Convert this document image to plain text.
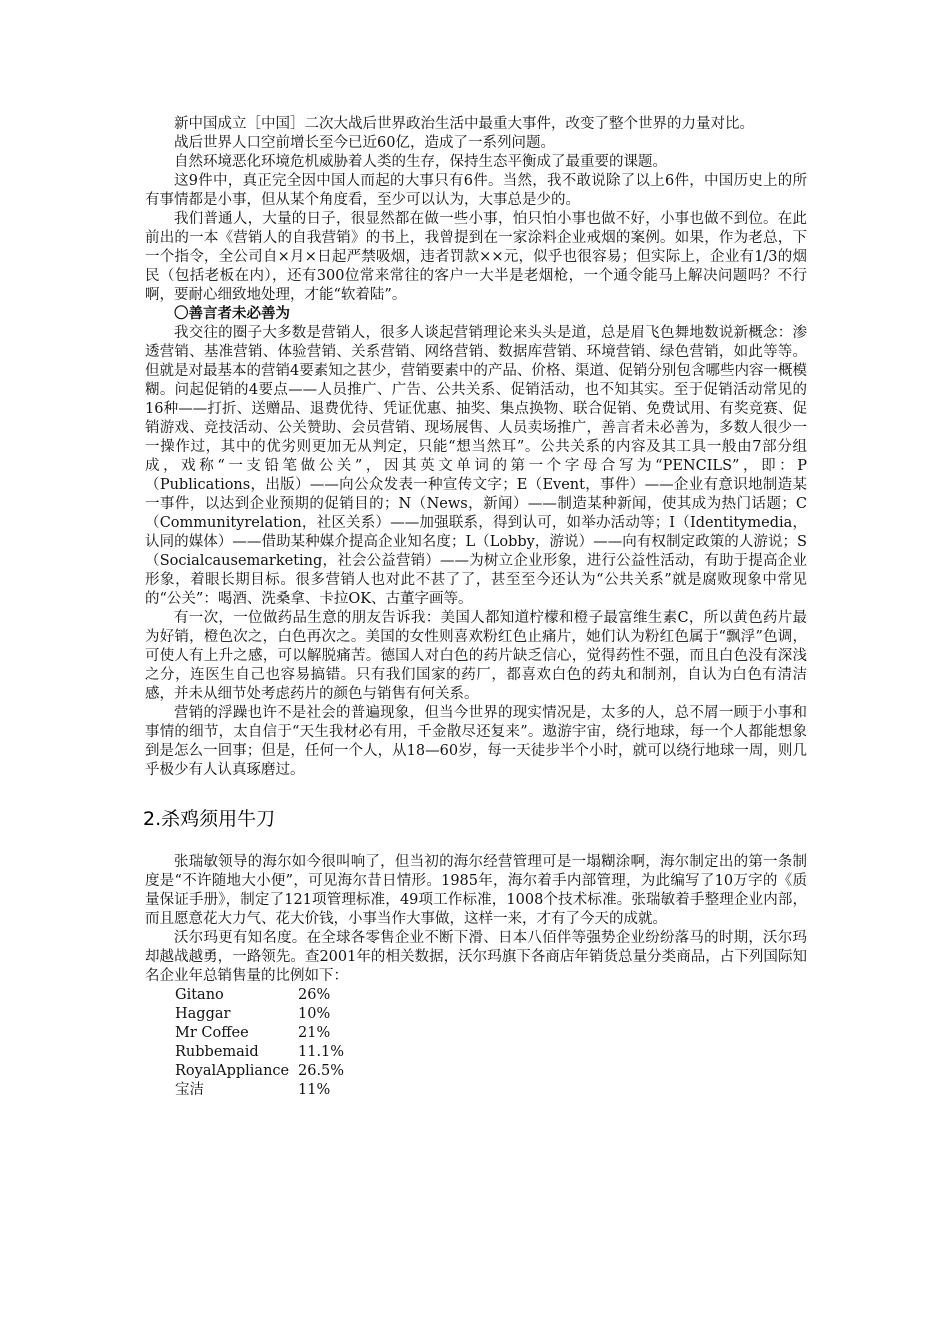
新中国成立［中国］二次大战后世界政治生活中最重大事件，改变了整个世界的力量对比。

战后世界人口空前增长至今已近60亿，造成了一系列问题。

自然环境恶化环境危机威胁着人类的生存，保持生态平衡成了最重要的课题。

这9件中，真正完全因中国人而起的大事只有6件。当然，我不敢说除了以上6件，中国历史上的所有事情都是小事，但从某个角度看，至少可以认为，大事总是少的。

我们普通人，大量的日子，很显然都在做一些小事，怕只怕小事也做不好，小事也做不到位。在此前出的一本《营销人的自我营销》的书上，我曾提到在一家涂料企业戒烟的案例。如果，作为老总，下一个指令，全公司自×月×日起严禁吸烟，违者罚款××元，似乎也很容易；但实际上，企业有1/3的烟民（包括老板在内），还有300位常来常往的客户一大半是老烟枪，一个通令能马上解决问题吗？不行啊，要耐心细致地处理，才能“软着陆”。

〇善言者未必善为

我交往的圈子大多数是营销人，很多人谈起营销理论来头头是道，总是眉飞色舞地数说新概念：渗透营销、基准营销、体验营销、关系营销、网络营销、数据库营销、环境营销、绿色营销，如此等等。但就是对最基本的营销4要素知之甚少，营销要素中的产品、价格、渠道、促销分别包含哪些内容一概模糊。问起促销的4要点——人员推广、广告、公共关系、促销活动，也不知其实。至于促销活动常见的16种——打折、送赠品、退费优待、凭证优惠、抽奖、集点换物、联合促销、免费试用、有奖竞赛、促销游戏、竞技活动、公关赞助、会员营销、现场展售、人员卖场推广，善言者未必善为，多数人很少一一操作过，其中的优劣则更加无从判定，只能“想当然耳”。公共关系的内容及其工具一般由7部分组成，戏称“一支铅笔做公关”，因其英文单词的第一个字母合写为“PENCILS”，即：P（Publications，出版）——向公众发表一种宣传文字；E（Event，事件）——企业有意识地制造某一事件，以达到企业预期的促销目的；N（News，新闻）——制造某种新闻，使其成为热门话题；C（Communityrelation，社区关系）——加强联系，得到认可，如举办活动等；I（Identitymedia，认同的媒体）——借助某种媒介提高企业知名度；L（Lobby，游说）——向有权制定政策的人游说；S（Socialcausemarketing，社会公益营销）——为树立企业形象，进行公益性活动，有助于提高企业形象，着眼长期目标。很多营销人也对此不甚了了，甚至至今还认为“公共关系”就是腐败现象中常见的“公关”：喝酒、洗桑拿、卡拉OK、古董字画等。

有一次，一位做药品生意的朋友告诉我：美国人都知道柠檬和橙子最富维生素C，所以黄色药片最为好销，橙色次之，白色再次之。美国的女性则喜欢粉红色止痛片，她们认为粉红色属于“飘浮”色调，可使人有上升之感，可以解脱痛苦。德国人对白色的药片缺乏信心，觉得药性不强，而且白色没有深浅之分，连医生自己也容易搞错。只有我们国家的药厂，都喜欢白色的药丸和制剂，自认为白色有清洁感，并未从细节处考虑药片的颜色与销售有何关系。

营销的浮躁也许不是社会的普遍现象，但当今世界的现实情况是，太多的人，总不屑一顾于小事和事情的细节，太自信于“天生我材必有用，千金散尽还复来”。遨游宇宙，绕行地球，每一个人都能想象到是怎么一回事；但是，任何一个人，从18—60岁，每一天徒步半个小时，就可以绕行地球一周，则几乎极少有人认真琢磨过。

2.杀鸡须用牛刀

张瑞敏领导的海尔如今很叫响了，但当初的海尔经营管理可是一塌糊涂啊，海尔制定出的第一条制度是“不许随地大小便”，可见海尔昔日情形。1985年，海尔着手内部管理，为此编写了10万字的《质量保证手册》，制定了121项管理标准，49项工作标准，1008个技术标准。张瑞敏着手整理企业内部，而且愿意花大力气、花大价钱，小事当作大事做，这样一来，才有了今天的成就。

沃尔玛更有知名度。在全球各零售企业不断下滑、日本八佰伴等强势企业纷纷落马的时期，沃尔玛却越战越勇，一路领先。查2001年的相关数据，沃尔玛旗下各商店年销货总量分类商品，占下列国际知名企业年总销售量的比例如下：

Gitano	26%
Haggar	10%
Mr Coffee	21%
Rubbemaid	11.1%
RoyalAppliance	26.5%
宝洁	11%
